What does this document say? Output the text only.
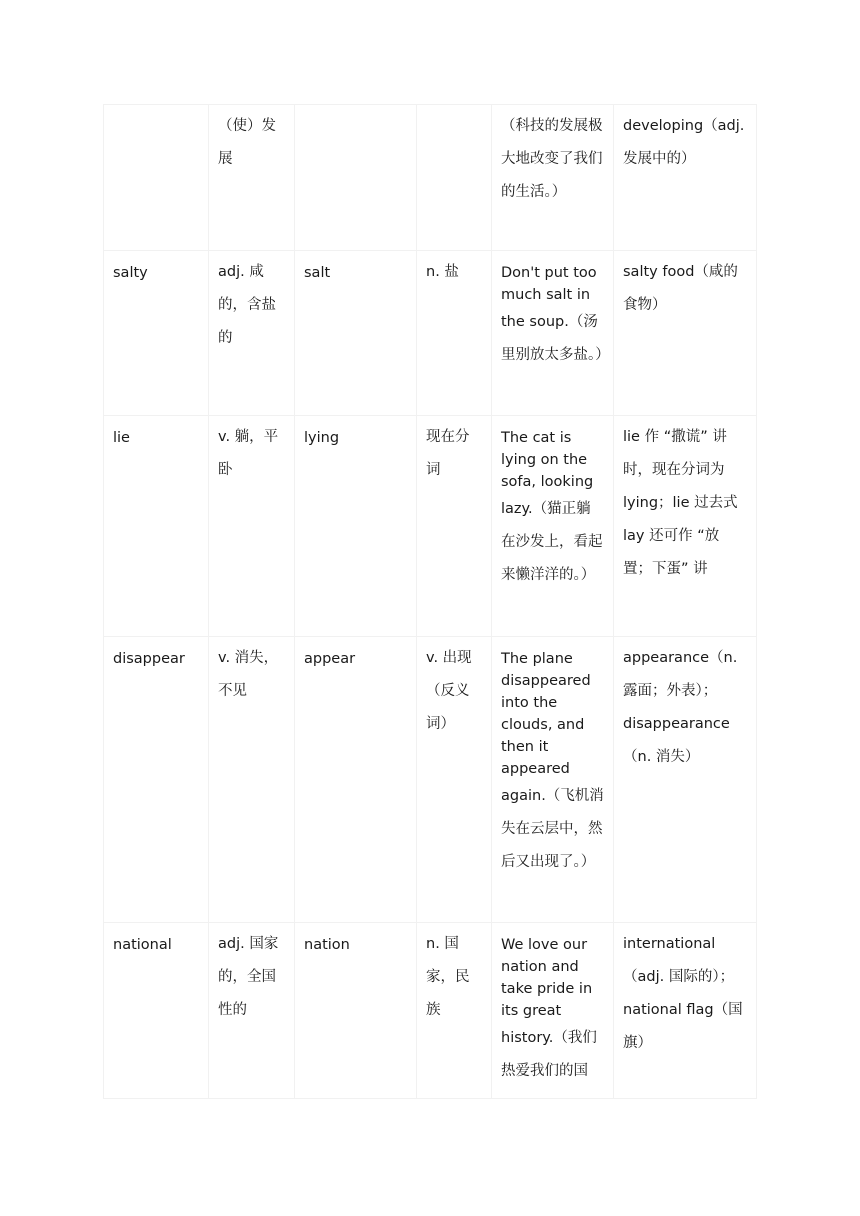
	（使）发展			（科技的发展极大地改变了我们的生活。）	developing（adj. 发展中的）

salty	adj. 咸的，含盐的	salt	n. 盐	Don't put too much salt in
the soup.（汤里别放太多盐。）	salty food（咸的食物）

lie	v. 躺，平卧	lying	现在分词	The cat is lying on the sofa, looking
lazy.（猫正躺在沙发上，看起来懒洋洋的。）	lie 作 “撒谎” 讲时，现在分词为 lying；lie 过去式 lay 还可作 “放置；下蛋” 讲

disappear	v. 消失，不见	appear	v. 出现（反义词）	The plane disappeared into the clouds, and then it appeared
again.（飞机消失在云层中，然后又出现了。）	appearance（n. 露面；外表）；disappearance（n. 消失）

national	adj. 国家的，全国性的	nation	n. 国家，民族	We love our nation and take pride in its great
history.（我们热爱我们的国	international（adj. 国际的）；national flag（国旗）
